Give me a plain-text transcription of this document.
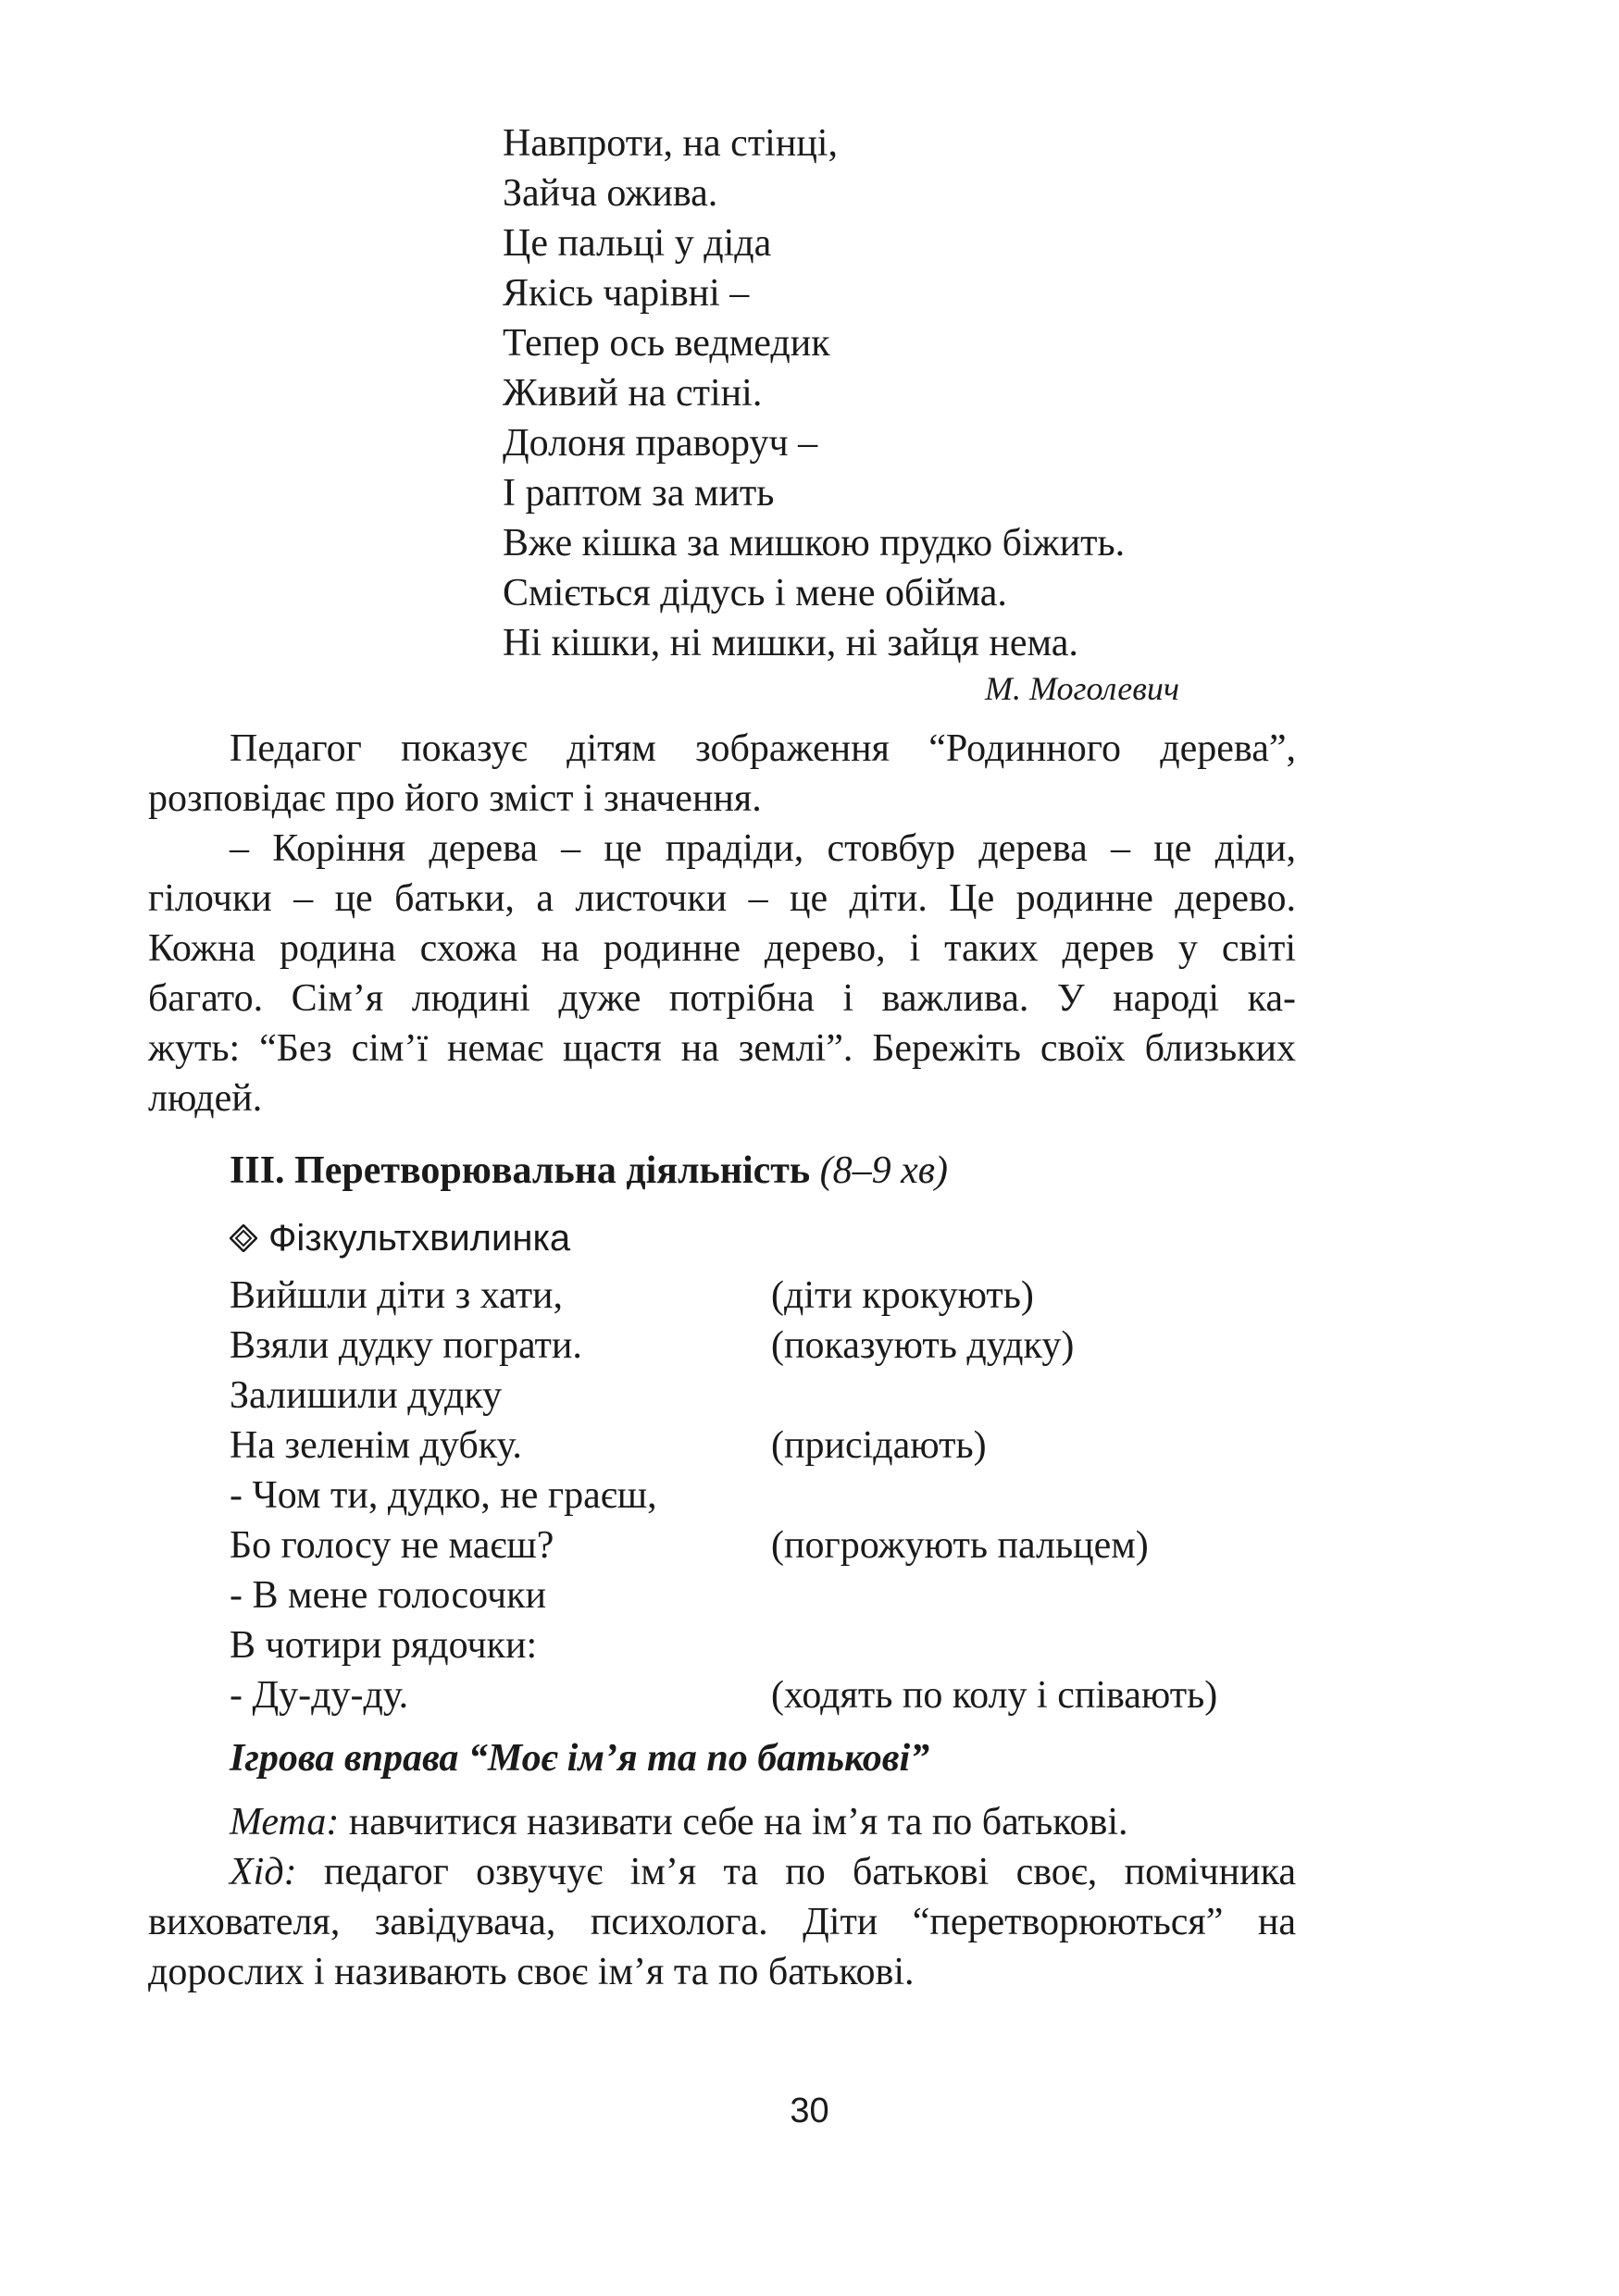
Навпроти, на стінці,
Зайча ожива.
Це пальці у діда
Якісь чарівні –
Тепер ось ведмедик
Живий на стіні.
Долоня праворуч –
І раптом за мить
Вже кішка за мишкою прудко біжить.
Сміється дідусь і мене обійма.
Ні кішки, ні мишки, ні зайця нема.
М. Моголевич
Педагог показує дітям зображення “Родинного дерева”,
розповідає про його зміст і значення.
– Коріння дерева – це прадіди, стовбур дерева – це діди,
гілочки – це батьки, а листочки – це діти. Це родинне дерево.
Кожна родина схожа на родинне дерево, і таких дерев у світі
багато. Сім’я людині дуже потрібна і важлива. У народі ка-
жуть: “Без сім’ї немає щастя на землі”. Бережіть своїх близьких
людей.
ІІІ. Перетворювальна діяльність (8–9 хв)
Фізкультхвилинка
Вийшли діти з хати,	(діти крокують)
Взяли дудку пограти.	(показують дудку)
Залишили дудку
На зеленім дубку.	(присідають)
- Чом ти, дудко, не граєш,
Бо голосу не маєш?	(погрожують пальцем)
- В мене голосочки
В чотири рядочки:
- Ду-ду-ду.	(ходять по колу і співають)
Ігрова вправа “Моє ім’я та по батькові”
Мета: навчитися називати себе на ім’я та по батькові.
Хід: педагог озвучує ім’я та по батькові своє, помічника
вихователя, завідувача, психолога. Діти “перетворюються” на
дорослих і називають своє ім’я та по батькові.
30
